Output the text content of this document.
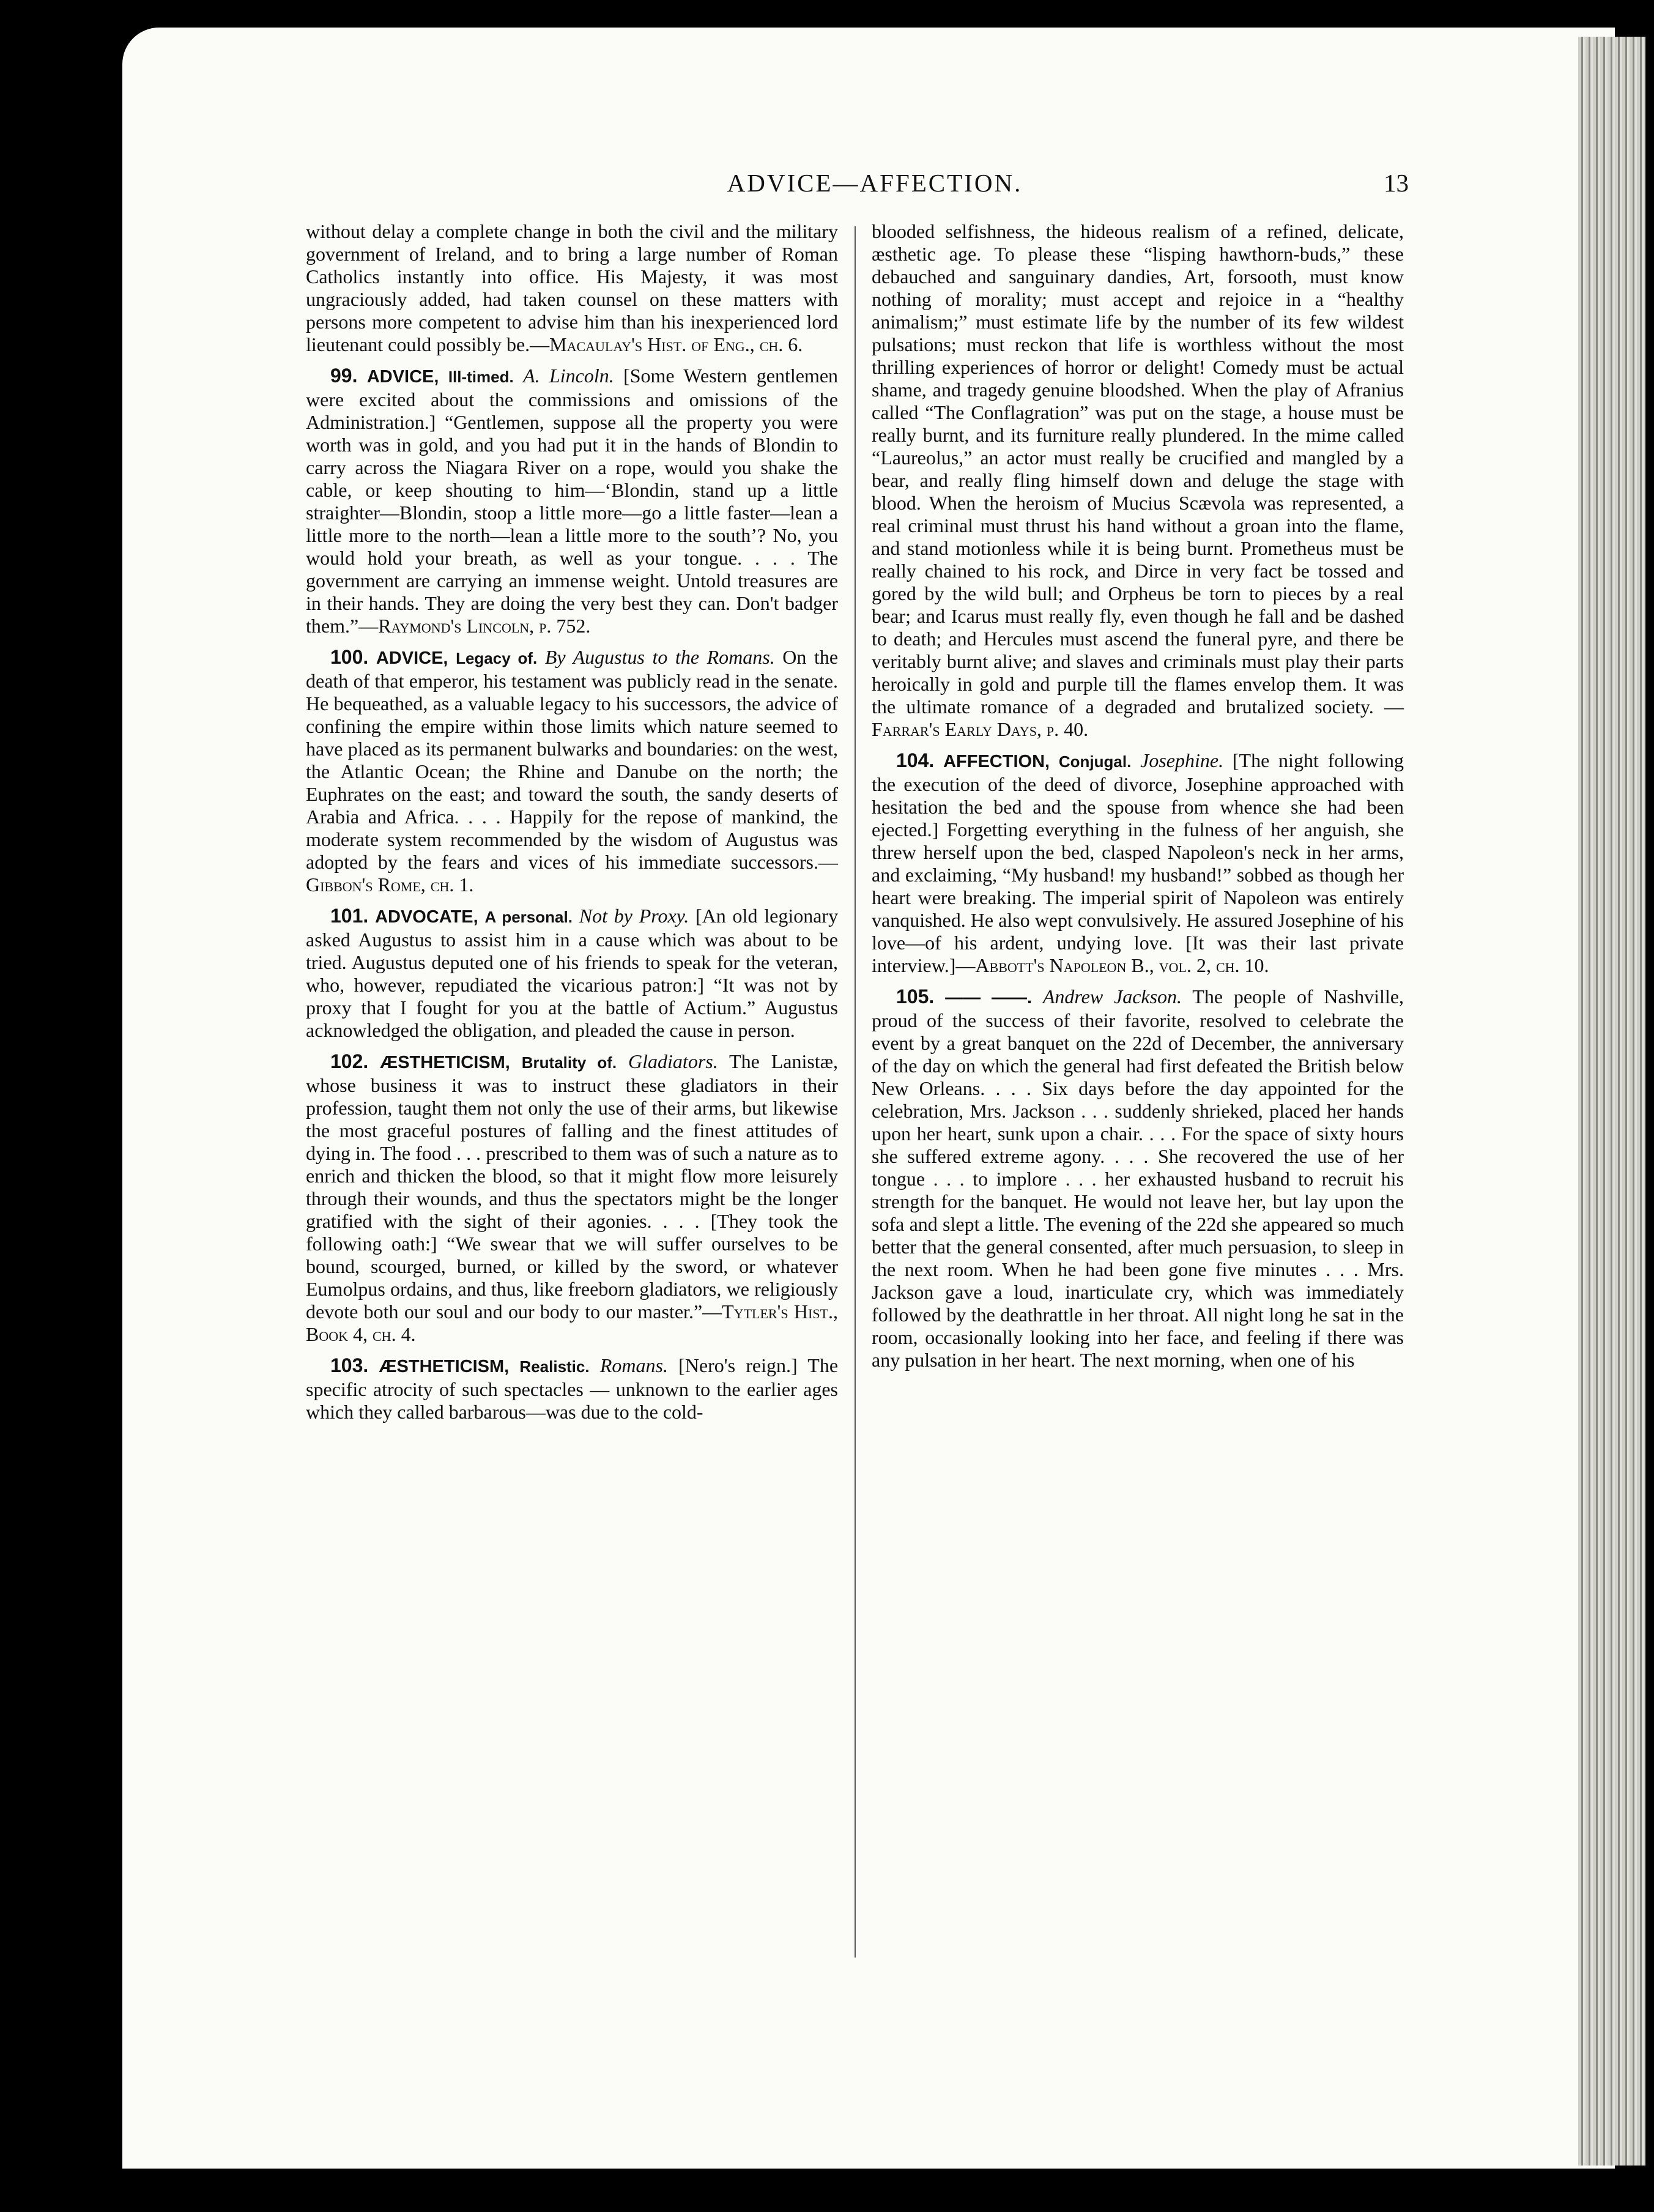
ADVICE—AFFECTION.	13

without delay a complete change in both the civil and the military government of Ireland, and to bring a large number of Roman Catholics instantly into office. His Majesty, it was most ungraciously added, had taken counsel on these matters with persons more competent to advise him than his inexperienced lord lieutenant could possibly be.—Macaulay's Hist. of Eng., ch. 6.

99. ADVICE, Ill-timed. A. Lincoln. [Some Western gentlemen were excited about the commissions and omissions of the Administration.] “Gentlemen, suppose all the property you were worth was in gold, and you had put it in the hands of Blondin to carry across the Niagara River on a rope, would you shake the cable, or keep shouting to him—‘Blondin, stand up a little straighter—Blondin, stoop a little more—go a little faster—lean a little more to the north—lean a little more to the south’? No, you would hold your breath, as well as your tongue. . . . The government are carrying an immense weight. Untold treasures are in their hands. They are doing the very best they can. Don't badger them.”—Raymond's Lincoln, p. 752.

100. ADVICE, Legacy of. By Augustus to the Romans. On the death of that emperor, his testament was publicly read in the senate. He bequeathed, as a valuable legacy to his successors, the advice of confining the empire within those limits which nature seemed to have placed as its permanent bulwarks and boundaries: on the west, the Atlantic Ocean; the Rhine and Danube on the north; the Euphrates on the east; and toward the south, the sandy deserts of Arabia and Africa. . . . Happily for the repose of mankind, the moderate system recommended by the wisdom of Augustus was adopted by the fears and vices of his immediate successors.—Gibbon's Rome, ch. 1.

101. ADVOCATE, A personal. Not by Proxy. [An old legionary asked Augustus to assist him in a cause which was about to be tried. Augustus deputed one of his friends to speak for the veteran, who, however, repudiated the vicarious patron:] “It was not by proxy that I fought for you at the battle of Actium.” Augustus acknowledged the obligation, and pleaded the cause in person.

102. ÆSTHETICISM, Brutality of. Gladiators. The Lanistæ, whose business it was to instruct these gladiators in their profession, taught them not only the use of their arms, but likewise the most graceful postures of falling and the finest attitudes of dying in. The food . . . prescribed to them was of such a nature as to enrich and thicken the blood, so that it might flow more leisurely through their wounds, and thus the spectators might be the longer gratified with the sight of their agonies. . . . [They took the following oath:] “We swear that we will suffer ourselves to be bound, scourged, burned, or killed by the sword, or whatever Eumolpus ordains, and thus, like freeborn gladiators, we religiously devote both our soul and our body to our master.”—Tytler's Hist., Book 4, ch. 4.

103. ÆSTHETICISM, Realistic. Romans. [Nero's reign.] The specific atrocity of such spectacles — unknown to the earlier ages which they called barbarous—was due to the cold-

blooded selfishness, the hideous realism of a refined, delicate, æsthetic age. To please these “lisping hawthorn-buds,” these debauched and sanguinary dandies, Art, forsooth, must know nothing of morality; must accept and rejoice in a “healthy animalism;” must estimate life by the number of its few wildest pulsations; must reckon that life is worthless without the most thrilling experiences of horror or delight! Comedy must be actual shame, and tragedy genuine bloodshed. When the play of Afranius called “The Conflagration” was put on the stage, a house must be really burnt, and its furniture really plundered. In the mime called “Laureolus,” an actor must really be crucified and mangled by a bear, and really fling himself down and deluge the stage with blood. When the heroism of Mucius Scævola was represented, a real criminal must thrust his hand without a groan into the flame, and stand motionless while it is being burnt. Prometheus must be really chained to his rock, and Dirce in very fact be tossed and gored by the wild bull; and Orpheus be torn to pieces by a real bear; and Icarus must really fly, even though he fall and be dashed to death; and Hercules must ascend the funeral pyre, and there be veritably burnt alive; and slaves and criminals must play their parts heroically in gold and purple till the flames envelop them. It was the ultimate romance of a degraded and brutalized society. —Farrar's Early Days, p. 40.

104. AFFECTION, Conjugal. Josephine. [The night following the execution of the deed of divorce, Josephine approached with hesitation the bed and the spouse from whence she had been ejected.] Forgetting everything in the fulness of her anguish, she threw herself upon the bed, clasped Napoleon's neck in her arms, and exclaiming, “My husband! my husband!” sobbed as though her heart were breaking. The imperial spirit of Napoleon was entirely vanquished. He also wept convulsively. He assured Josephine of his love—of his ardent, undying love. [It was their last private interview.]—Abbott's Napoleon B., vol. 2, ch. 10.

105. —— ——. Andrew Jackson. The people of Nashville, proud of the success of their favorite, resolved to celebrate the event by a great banquet on the 22d of December, the anniversary of the day on which the general had first defeated the British below New Orleans. . . . Six days before the day appointed for the celebration, Mrs. Jackson . . . suddenly shrieked, placed her hands upon her heart, sunk upon a chair. . . . For the space of sixty hours she suffered extreme agony. . . . She recovered the use of her tongue . . . to implore . . . her exhausted husband to recruit his strength for the banquet. He would not leave her, but lay upon the sofa and slept a little. The evening of the 22d she appeared so much better that the general consented, after much persuasion, to sleep in the next room. When he had been gone five minutes . . . Mrs. Jackson gave a loud, inarticulate cry, which was immediately followed by the deathrattle in her throat. All night long he sat in the room, occasionally looking into her face, and feeling if there was any pulsation in her heart. The next morning, when one of his
